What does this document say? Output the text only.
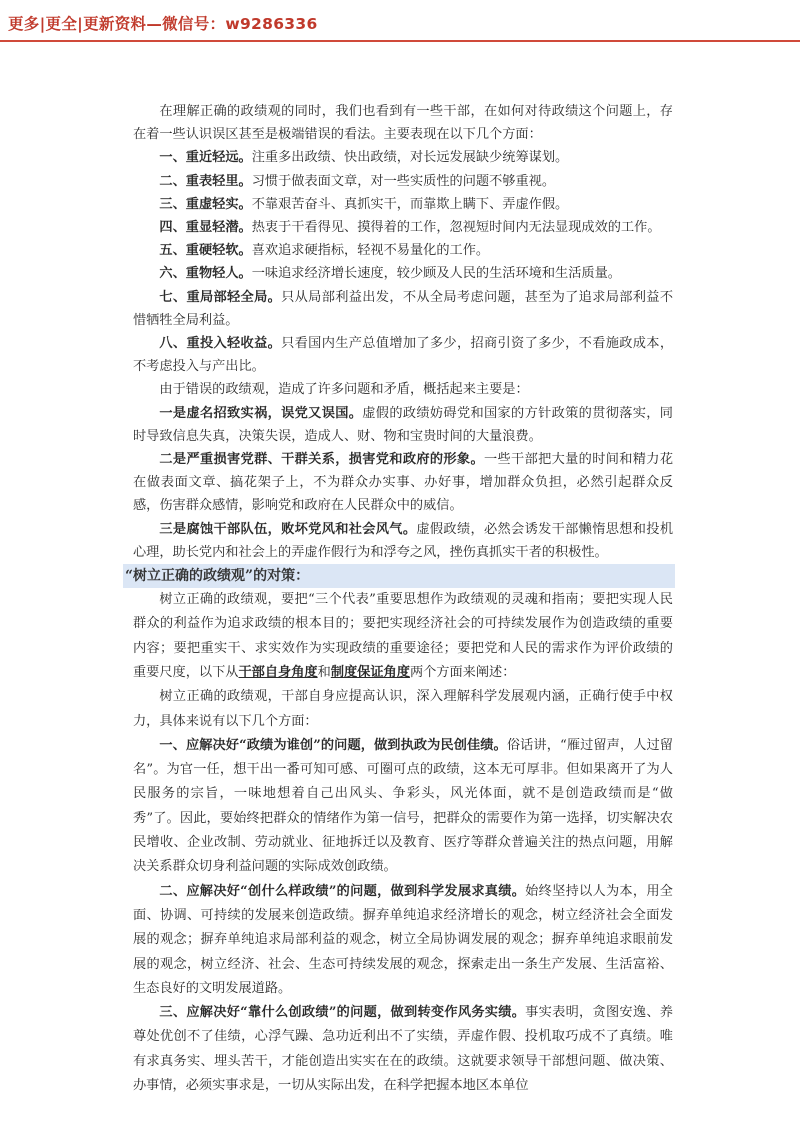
更多|更全|更新资料—微信号：w9286336

在理解正确的政绩观的同时，我们也看到有一些干部，在如何对待政绩这个问题上，存在着一些认识误区甚至是极端错误的看法。主要表现在以下几个方面：

一、重近轻远。注重多出政绩、快出政绩，对长远发展缺少统筹谋划。

二、重表轻里。习惯于做表面文章，对一些实质性的问题不够重视。

三、重虚轻实。不靠艰苦奋斗、真抓实干，而靠欺上瞒下、弄虚作假。

四、重显轻潜。热衷于干看得见、摸得着的工作，忽视短时间内无法显现成效的工作。

五、重硬轻软。喜欢追求硬指标，轻视不易量化的工作。

六、重物轻人。一味追求经济增长速度，较少顾及人民的生活环境和生活质量。

七、重局部轻全局。只从局部利益出发，不从全局考虑问题，甚至为了追求局部利益不惜牺牲全局利益。

八、重投入轻收益。只看国内生产总值增加了多少，招商引资了多少，不看施政成本，不考虑投入与产出比。

由于错误的政绩观，造成了许多问题和矛盾，概括起来主要是：

一是虚名招致实祸，误党又误国。虚假的政绩妨碍党和国家的方针政策的贯彻落实，同时导致信息失真，决策失误，造成人、财、物和宝贵时间的大量浪费。

二是严重损害党群、干群关系，损害党和政府的形象。一些干部把大量的时间和精力花在做表面文章、搞花架子上，不为群众办实事、办好事，增加群众负担，必然引起群众反感，伤害群众感情，影响党和政府在人民群众中的威信。

三是腐蚀干部队伍，败坏党风和社会风气。虚假政绩，必然会诱发干部懒惰思想和投机心理，助长党内和社会上的弄虚作假行为和浮夸之风，挫伤真抓实干者的积极性。

“树立正确的政绩观”的对策：

树立正确的政绩观，要把“三个代表”重要思想作为政绩观的灵魂和指南；要把实现人民群众的利益作为追求政绩的根本目的；要把实现经济社会的可持续发展作为创造政绩的重要内容；要把重实干、求实效作为实现政绩的重要途径；要把党和人民的需求作为评价政绩的重要尺度，以下从干部自身角度和制度保证角度两个方面来阐述：

树立正确的政绩观，干部自身应提高认识，深入理解科学发展观内涵，正确行使手中权力，具体来说有以下几个方面：

一、应解决好“政绩为谁创”的问题，做到执政为民创佳绩。俗话讲，“雁过留声，人过留名”。为官一任，想干出一番可知可感、可圈可点的政绩，这本无可厚非。但如果离开了为人民服务的宗旨，一味地想着自己出风头、争彩头，风光体面，就不是创造政绩而是“做秀”了。因此，要始终把群众的情绪作为第一信号，把群众的需要作为第一选择，切实解决农民增收、企业改制、劳动就业、征地拆迁以及教育、医疗等群众普遍关注的热点问题，用解决关系群众切身利益问题的实际成效创政绩。

二、应解决好“创什么样政绩”的问题，做到科学发展求真绩。始终坚持以人为本，用全面、协调、可持续的发展来创造政绩。摒弃单纯追求经济增长的观念，树立经济社会全面发展的观念；摒弃单纯追求局部利益的观念，树立全局协调发展的观念；摒弃单纯追求眼前发展的观念，树立经济、社会、生态可持续发展的观念，探索走出一条生产发展、生活富裕、生态良好的文明发展道路。

三、应解决好“靠什么创政绩”的问题，做到转变作风务实绩。事实表明，贪图安逸、养尊处优创不了佳绩，心浮气躁、急功近利出不了实绩，弄虚作假、投机取巧成不了真绩。唯有求真务实、埋头苦干，才能创造出实实在在的政绩。这就要求领导干部想问题、做决策、办事情，必须实事求是，一切从实际出发，在科学把握本地区本单位
